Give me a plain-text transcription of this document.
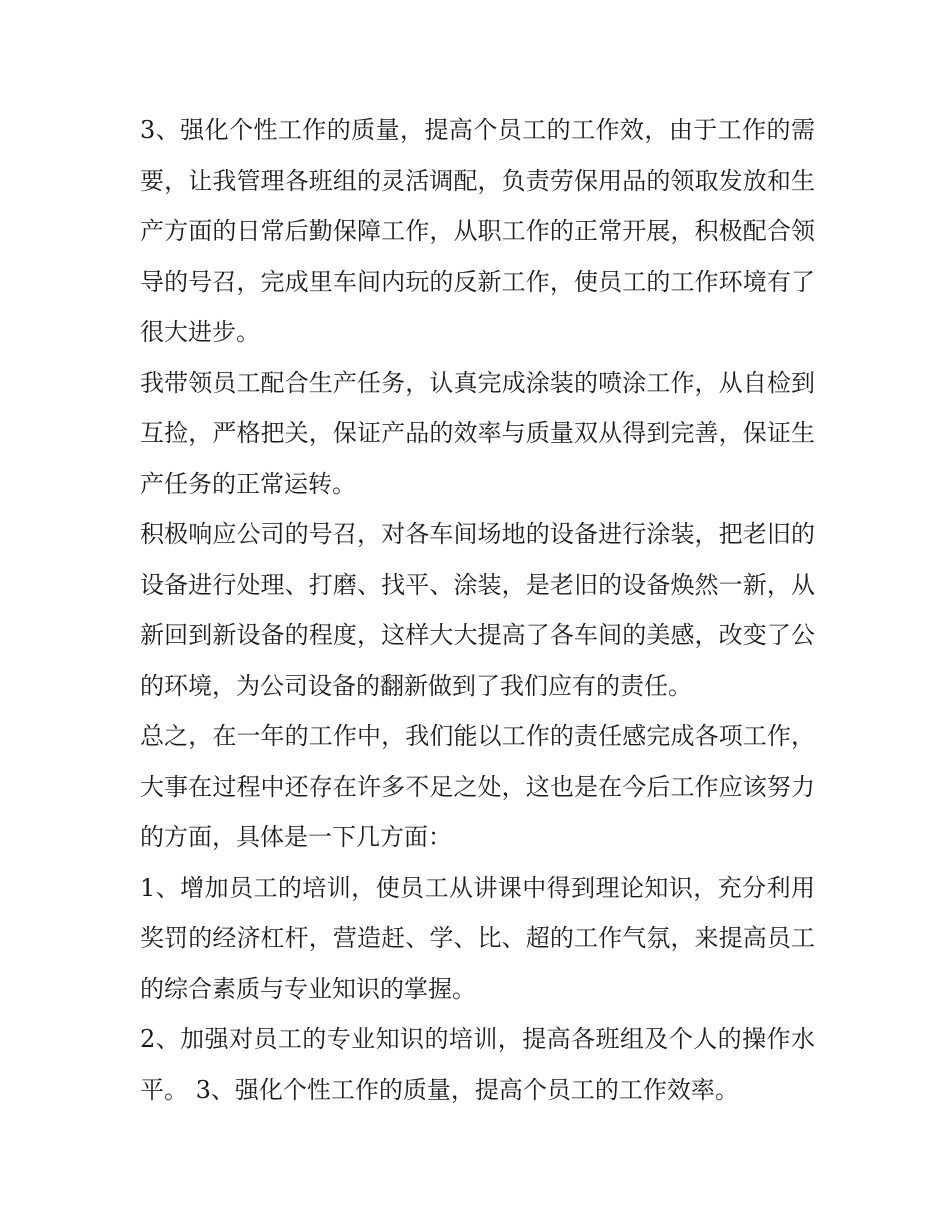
3、强化个性工作的质量，提高个员工的工作效，由于工作的需要，让我管理各班组的灵活调配，负责劳保用品的领取发放和生产方面的日常后勤保障工作，从职工作的正常开展，积极配合领导的号召，完成里车间内玩的反新工作，使员工的工作环境有了很大进步。

我带领员工配合生产任务，认真完成涂装的喷涂工作，从自检到互捡，严格把关，保证产品的效率与质量双从得到完善，保证生产任务的正常运转。

积极响应公司的号召，对各车间场地的设备进行涂装，把老旧的设备进行处理、打磨、找平、涂装，是老旧的设备焕然一新，从新回到新设备的程度，这样大大提高了各车间的美感，改变了公的环境，为公司设备的翻新做到了我们应有的责任。

总之，在一年的工作中，我们能以工作的责任感完成各项工作，大事在过程中还存在许多不足之处，这也是在今后工作应该努力的方面，具体是一下几方面：

1、增加员工的培训，使员工从讲课中得到理论知识，充分利用奖罚的经济杠杆，营造赶、学、比、超的工作气氛，来提高员工的综合素质与专业知识的掌握。

2、加强对员工的专业知识的培训，提高各班组及个人的操作水平。 3、强化个性工作的质量，提高个员工的工作效率。
